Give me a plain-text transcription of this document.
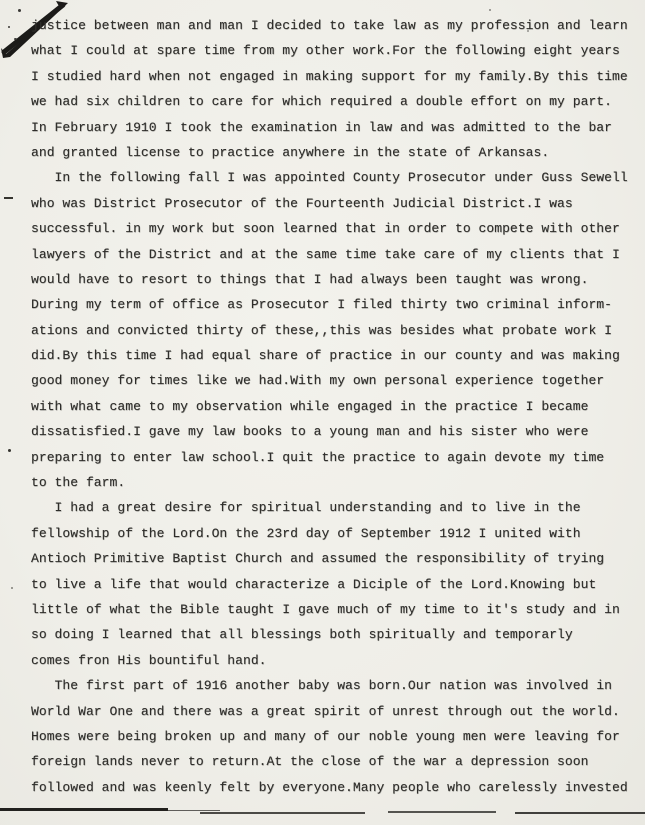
justice between man and man I decided to take law as my profession and learn
what I could at spare time from my other work.For the following eight years
I studied hard when not engaged in making support for my family.By this time
we had six children to care for which required a double effort on my part.
In February 1910 I took the examination in law and was admitted to the bar
and granted license to practice anywhere in the state of Arkansas.
In the following fall I was appointed County Prosecutor under Guss Sewell
who was District Prosecutor of the Fourteenth Judicial District.I was
successful. in my work but soon learned that in order to compete with other
lawyers of the District and at the same time take care of my clients that I
would have to resort to things that I had always been taught was wrong.
During my term of office as Prosecutor I filed thirty two criminal inform-
ations and convicted thirty of these,,this was besides what probate work I
did.By this time I had equal share of practice in our county and was making
good money for times like we had.With my own personal experience together
with what came to my observation while engaged in the practice I became
dissatisfied.I gave my law books to a young man and his sister who were
preparing to enter law school.I quit the practice to again devote my time
to the farm.
I had a great desire for spiritual understanding and to live in the
fellowship of the Lord.On the 23rd day of September 1912 I united with
Antioch Primitive Baptist Church and assumed the responsibility of trying
to live a life that would characterize a Diciple of the Lord.Knowing but
little of what the Bible taught I gave much of my time to it's study and in
so doing I learned that all blessings both spiritually and temporarly
comes fron His bountiful hand.
The first part of 1916 another baby was born.Our nation was involved in
World War One and there was a great spirit of unrest through out the world.
Homes were being broken up and many of our noble young men were leaving for
foreign lands never to return.At the close of the war a depression soon
followed and was keenly felt by everyone.Many people who carelessly invested
